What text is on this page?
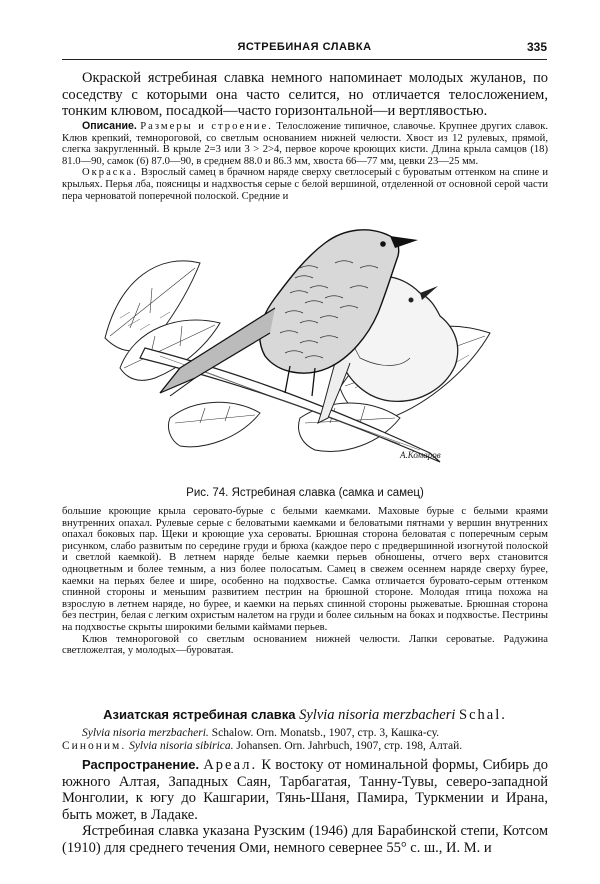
ЯСТРЕБИНАЯ СЛАВКА	335

Окраской ястребиная славка немного напоминает молодых жуланов, по соседству с которыми она часто селится, но отличается телосложением, тонким клювом, посадкой—часто горизонтальной—и вертлявостью.

Описание. Размеры и строение. Телосложение типичное, славочье. Крупнее других славок. Клюв крепкий, темнороговой, со светлым основанием нижней челюсти. Хвост из 12 рулевых, прямой, слегка закругленный. В крыле 2=3 или 3 > 2>4, первое короче кроющих кисти. Длина крыла самцов (18) 81.0—90, самок (6) 87.0—90, в среднем 88.0 и 86.3 мм, хвоста 66—77 мм, цевки 23—25 мм.

Окраска. Взрослый самец в брачном наряде сверху светлосерый с буроватым оттенком на спине и крыльях. Перья лба, поясницы и надхвостья серые с белой вершиной, отделенной от основной серой части пера черноватой поперечной полоской. Средние и

А.Комаров
Рис. 74. Ястребиная славка (самка и самец)

большие кроющие крыла серовато-бурые с белыми каемками. Маховые бурые с белыми краями внутренних опахал. Рулевые серые с беловатыми каемками и беловатыми пятнами у вершин внутренних опахал боковых пар. Щеки и кроющие уха сероваты. Брюшная сторона беловатая с поперечным серым рисунком, слабо развитым по середине груди и брюха (каждое перо с предвершинной изогнутой полоской и светлой каемкой). В летнем наряде белые каемки перьев обношены, отчего верх становится одноцветным и более темным, а низ более полосатым. Самец в свежем осеннем наряде сверху буреe, каемки на перьях белее и шире, особенно на подхвостье. Самка отличается буровато-серым оттенком спинной стороны и меньшим развитием пестрин на брюшной стороне. Молодая птица похожа на взрослую в летнем наряде, но буреe, и каемки на перьях спинной стороны рыжеватые. Брюшная сторона без пестрин, белая с легким охристым налетом на груди и более сильным на боках и подхвостье. Пестрины на подхвостье скрыты широкими белыми каймами перьев.

Клюв темнороговой со светлым основанием нижней челюсти. Лапки сероватые. Радужина светложелтая, у молодых—буроватая.

Азиатская ястребиная славка Sylvia nisoria merzbacheri Schal.
Sylvia nisoria merzbacheri. Schalow. Orn. Monatsb., 1907, стр. 3, Кашка-су.
Синоним. Sylvia nisoria sibirica. Johansen. Orn. Jahrbuch, 1907, стр. 198, Алтай.

Распространение. Ареал. К востоку от номинальной формы, Сибирь до южного Алтая, Западных Саян, Тарбагатая, Танну-Тувы, северо-западной Монголии, к югу до Кашгарии, Тянь-Шаня, Памира, Туркмении и Ирана, быть может, в Ладаке.

Ястребиная славка указана Рузским (1946) для Барабинской степи, Котсом (1910) для среднего течения Оми, немного севернее 55° с. ш., И. М. и
